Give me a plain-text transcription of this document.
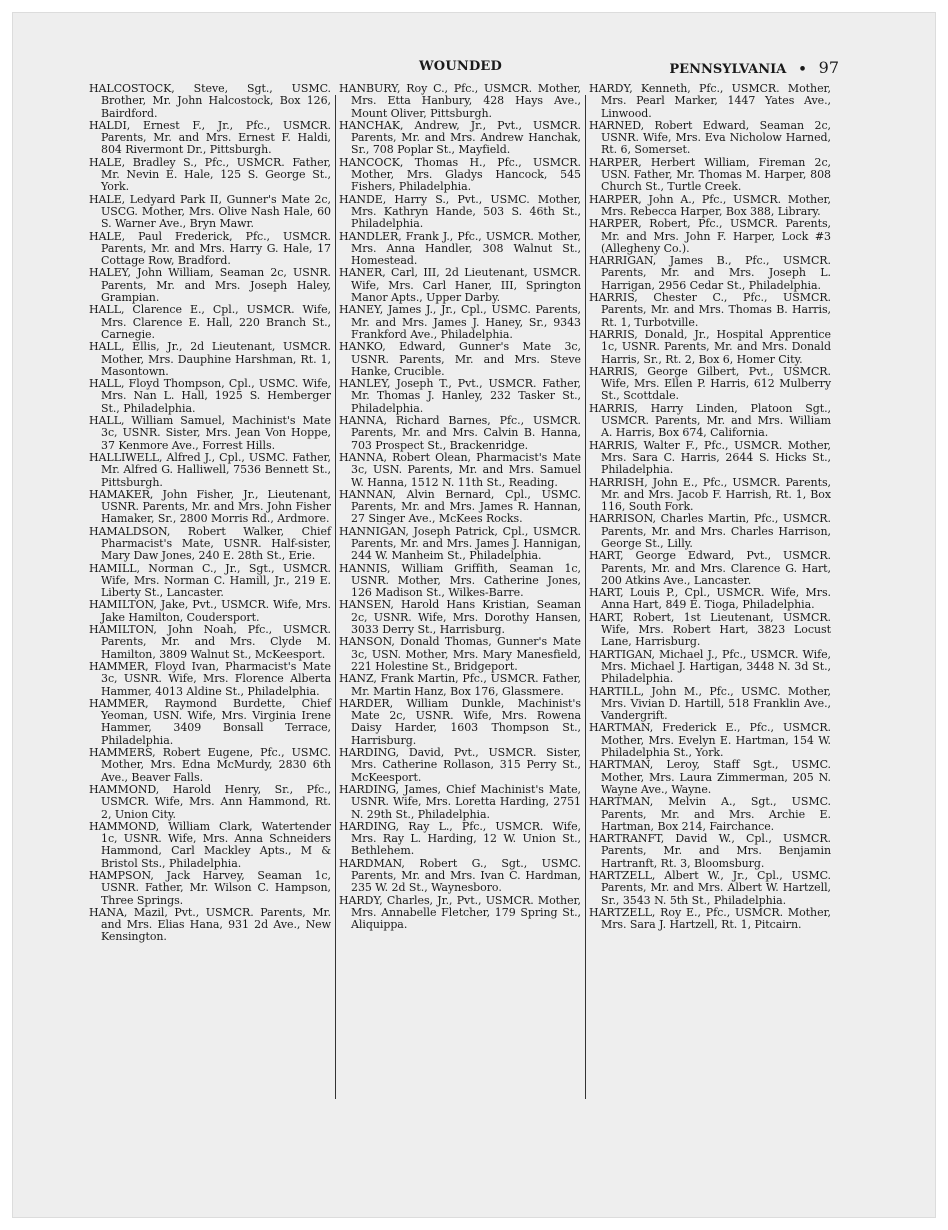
WOUNDED	PENNSYLVANIA • 97

HALCOSTOCK, Steve, Sgt., USMC. Brother, Mr. John Halcostock, Box 126, Bairdford.

HALDI, Ernest F., Jr., Pfc., USMCR. Parents, Mr. and Mrs. Ernest F. Haldi, 804 Rivermont Dr., Pittsburgh.

HALE, Bradley S., Pfc., USMCR. Father, Mr. Nevin E. Hale, 125 S. George St., York.

HALE, Ledyard Park II, Gunner's Mate 2c, USCG. Mother, Mrs. Olive Nash Hale, 60 S. Warner Ave., Bryn Mawr.

HALE, Paul Frederick, Pfc., USMCR. Parents, Mr. and Mrs. Harry G. Hale, 17 Cottage Row, Bradford.

HALEY, John William, Seaman 2c, USNR. Parents, Mr. and Mrs. Joseph Haley, Grampian.

HALL, Clarence E., Cpl., USMCR. Wife, Mrs. Clarence E. Hall, 220 Branch St., Carnegie.

HALL, Ellis, Jr., 2d Lieutenant, USMCR. Mother, Mrs. Dauphine Harshman, Rt. 1, Masontown.

HALL, Floyd Thompson, Cpl., USMC. Wife, Mrs. Nan L. Hall, 1925 S. Hemberger St., Philadelphia.

HALL, William Samuel, Machinist's Mate 3c, USNR. Sister, Mrs. Jean Von Hoppe, 37 Kenmore Ave., Forrest Hills.

HALLIWELL, Alfred J., Cpl., USMC. Father, Mr. Alfred G. Halliwell, 7536 Bennett St., Pittsburgh.

HAMAKER, John Fisher, Jr., Lieutenant, USNR. Parents, Mr. and Mrs. John Fisher Hamaker, Sr., 2800 Morris Rd., Ardmore.

HAMALDSON, Robert Walker, Chief Pharmacist's Mate, USNR. Half-sister, Mary Daw Jones, 240 E. 28th St., Erie.

HAMILL, Norman C., Jr., Sgt., USMCR. Wife, Mrs. Norman C. Hamill, Jr., 219 E. Liberty St., Lancaster.

HAMILTON, Jake, Pvt., USMCR. Wife, Mrs. Jake Hamilton, Coudersport.

HAMILTON, John Noah, Pfc., USMCR. Parents, Mr. and Mrs. Clyde M. Hamilton, 3809 Walnut St., McKeesport.

HAMMER, Floyd Ivan, Pharmacist's Mate 3c, USNR. Wife, Mrs. Florence Alberta Hammer, 4013 Aldine St., Philadelphia.

HAMMER, Raymond Burdette, Chief Yeoman, USN. Wife, Mrs. Virginia Irene Hammer, 3409 Bonsall Terrace, Philadelphia.

HAMMERS, Robert Eugene, Pfc., USMC. Mother, Mrs. Edna McMurdy, 2830 6th Ave., Beaver Falls.

HAMMOND, Harold Henry, Sr., Pfc., USMCR. Wife, Mrs. Ann Hammond, Rt. 2, Union City.

HAMMOND, William Clark, Watertender 1c, USNR. Wife, Mrs. Anna Schneiders Hammond, Carl Mackley Apts., M & Bristol Sts., Philadelphia.

HAMPSON, Jack Harvey, Seaman 1c, USNR. Father, Mr. Wilson C. Hampson, Three Springs.

HANA, Mazil, Pvt., USMCR. Parents, Mr. and Mrs. Elias Hana, 931 2d Ave., New Kensington.

HANBURY, Roy C., Pfc., USMCR. Mother, Mrs. Etta Hanbury, 428 Hays Ave., Mount Oliver, Pittsburgh.

HANCHAK, Andrew, Jr., Pvt., USMCR. Parents, Mr. and Mrs. Andrew Hanchak, Sr., 708 Poplar St., Mayfield.

HANCOCK, Thomas H., Pfc., USMCR. Mother, Mrs. Gladys Hancock, 545 Fishers, Philadelphia.

HANDE, Harry S., Pvt., USMC. Mother, Mrs. Kathryn Hande, 503 S. 46th St., Philadelphia.

HANDLER, Frank J., Pfc., USMCR. Mother, Mrs. Anna Handler, 308 Walnut St., Homestead.

HANER, Carl, III, 2d Lieutenant, USMCR. Wife, Mrs. Carl Haner, III, Springton Manor Apts., Upper Darby.

HANEY, James J., Jr., Cpl., USMC. Parents, Mr. and Mrs. James J. Haney, Sr., 9343 Frankford Ave., Philadelphia.

HANKO, Edward, Gunner's Mate 3c, USNR. Parents, Mr. and Mrs. Steve Hanke, Crucible.

HANLEY, Joseph T., Pvt., USMCR. Father, Mr. Thomas J. Hanley, 232 Tasker St., Philadelphia.

HANNA, Richard Barnes, Pfc., USMCR. Parents, Mr. and Mrs. Calvin B. Hanna, 703 Prospect St., Brackenridge.

HANNA, Robert Olean, Pharmacist's Mate 3c, USN. Parents, Mr. and Mrs. Samuel W. Hanna, 1512 N. 11th St., Reading.

HANNAN, Alvin Bernard, Cpl., USMC. Parents, Mr. and Mrs. James R. Hannan, 27 Singer Ave., McKees Rocks.

HANNIGAN, Joseph Patrick, Cpl., USMCR. Parents, Mr. and Mrs. James J. Hannigan, 244 W. Manheim St., Philadelphia.

HANNIS, William Griffith, Seaman 1c, USNR. Mother, Mrs. Catherine Jones, 126 Madison St., Wilkes-Barre.

HANSEN, Harold Hans Kristian, Seaman 2c, USNR. Wife, Mrs. Dorothy Hansen, 3033 Derry St., Harrisburg.

HANSON, Donald Thomas, Gunner's Mate 3c, USN. Mother, Mrs. Mary Manesfield, 221 Holestine St., Bridgeport.

HANZ, Frank Martin, Pfc., USMCR. Father, Mr. Martin Hanz, Box 176, Glassmere.

HARDER, William Dunkle, Machinist's Mate 2c, USNR. Wife, Mrs. Rowena Daisy Harder, 1603 Thompson St., Harrisburg.

HARDING, David, Pvt., USMCR. Sister, Mrs. Catherine Rollason, 315 Perry St., McKeesport.

HARDING, James, Chief Machinist's Mate, USNR. Wife, Mrs. Loretta Harding, 2751 N. 29th St., Philadelphia.

HARDING, Ray L., Pfc., USMCR. Wife, Mrs. Ray L. Harding, 12 W. Union St., Bethlehem.

HARDMAN, Robert G., Sgt., USMC. Parents, Mr. and Mrs. Ivan C. Hardman, 235 W. 2d St., Waynesboro.

HARDY, Charles, Jr., Pvt., USMCR. Mother, Mrs. Annabelle Fletcher, 179 Spring St., Aliquippa.

HARDY, Kenneth, Pfc., USMCR. Mother, Mrs. Pearl Marker, 1447 Yates Ave., Linwood.

HARNED, Robert Edward, Seaman 2c, USNR. Wife, Mrs. Eva Nicholow Harned, Rt. 6, Somerset.

HARPER, Herbert William, Fireman 2c, USN. Father, Mr. Thomas M. Harper, 808 Church St., Turtle Creek.

HARPER, John A., Pfc., USMCR. Mother, Mrs. Rebecca Harper, Box 388, Library.

HARPER, Robert, Pfc., USMCR. Parents, Mr. and Mrs. John F. Harper, Lock #3 (Allegheny Co.).

HARRIGAN, James B., Pfc., USMCR. Parents, Mr. and Mrs. Joseph L. Harrigan, 2956 Cedar St., Philadelphia.

HARRIS, Chester C., Pfc., USMCR. Parents, Mr. and Mrs. Thomas B. Harris, Rt. 1, Turbotville.

HARRIS, Donald, Jr., Hospital Apprentice 1c, USNR. Parents, Mr. and Mrs. Donald Harris, Sr., Rt. 2, Box 6, Homer City.

HARRIS, George Gilbert, Pvt., USMCR. Wife, Mrs. Ellen P. Harris, 612 Mulberry St., Scottdale.

HARRIS, Harry Linden, Platoon Sgt., USMCR. Parents, Mr. and Mrs. William A. Harris, Box 674, California.

HARRIS, Walter F., Pfc., USMCR. Mother, Mrs. Sara C. Harris, 2644 S. Hicks St., Philadelphia.

HARRISH, John E., Pfc., USMCR. Parents, Mr. and Mrs. Jacob F. Harrish, Rt. 1, Box 116, South Fork.

HARRISON, Charles Martin, Pfc., USMCR. Parents, Mr. and Mrs. Charles Harrison, George St., Lilly.

HART, George Edward, Pvt., USMCR. Parents, Mr. and Mrs. Clarence G. Hart, 200 Atkins Ave., Lancaster.

HART, Louis P., Cpl., USMCR. Wife, Mrs. Anna Hart, 849 E. Tioga, Philadelphia.

HART, Robert, 1st Lieutenant, USMCR. Wife, Mrs. Robert Hart, 3823 Locust Lane, Harrisburg.

HARTIGAN, Michael J., Pfc., USMCR. Wife, Mrs. Michael J. Hartigan, 3448 N. 3d St., Philadelphia.

HARTILL, John M., Pfc., USMC. Mother, Mrs. Vivian D. Hartill, 518 Franklin Ave., Vandergrift.

HARTMAN, Frederick E., Pfc., USMCR. Mother, Mrs. Evelyn E. Hartman, 154 W. Philadelphia St., York.

HARTMAN, Leroy, Staff Sgt., USMC. Mother, Mrs. Laura Zimmerman, 205 N. Wayne Ave., Wayne.

HARTMAN, Melvin A., Sgt., USMC. Parents, Mr. and Mrs. Archie E. Hartman, Box 214, Fairchance.

HARTRANFT, David W., Cpl., USMCR. Parents, Mr. and Mrs. Benjamin Hartranft, Rt. 3, Bloomsburg.

HARTZELL, Albert W., Jr., Cpl., USMC. Parents, Mr. and Mrs. Albert W. Hartzell, Sr., 3543 N. 5th St., Philadelphia.

HARTZELL, Roy E., Pfc., USMCR. Mother, Mrs. Sara J. Hartzell, Rt. 1, Pitcairn.
